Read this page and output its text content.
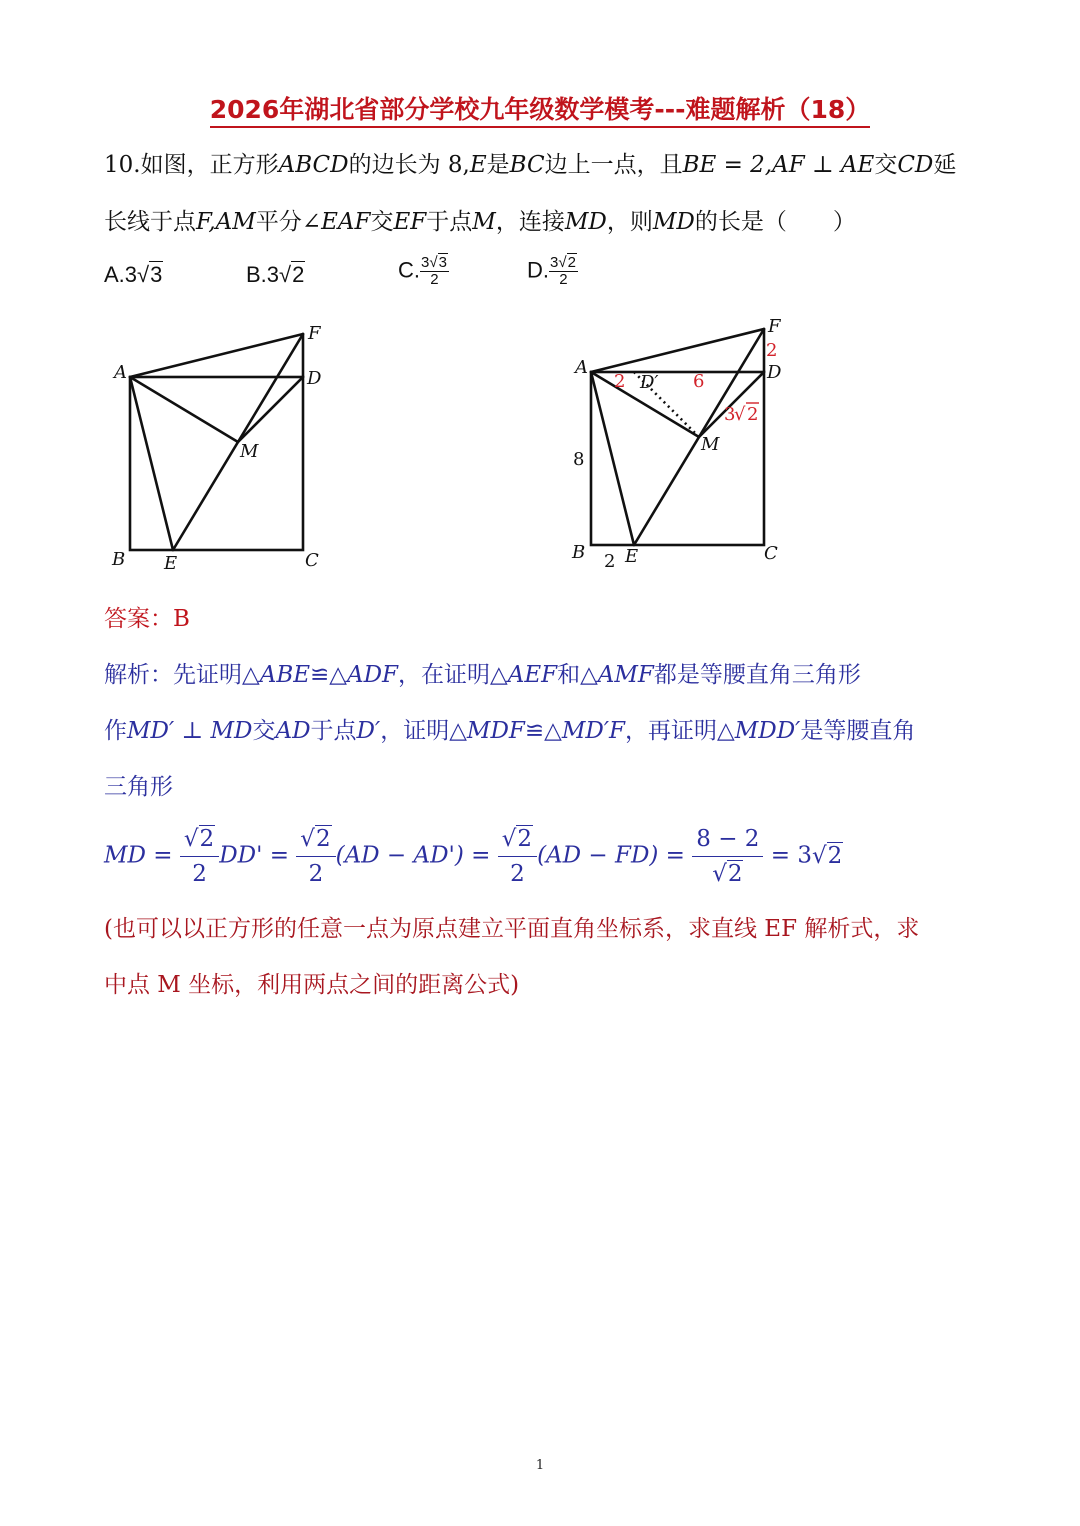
2026年湖北省部分学校九年级数学模考---难题解析（18）
10.如图，正方形ABCD的边长为 8,E是BC边上一点，且BE = 2,AF ⊥ AE交CD延
长线于点F,AM平分∠EAF交EF于点M，连接MD，则MD的长是（　　）
A.3√3	B.3√2	C. $\frac{3√3}{2}$	D. $\frac{3√2}{2}$
A
B	C
D
E
F
M
A
B	C
D
E
F
M
D′
8
2
2	6
2
3
√ 2
答案：B
解析：先证明△ABE≌△ADF，在证明△AEF和△AMF都是等腰直角三角形
作MD′ ⊥ MD交AD于点D′，证明△MDF≌△MD′F，再证明△MDD′是等腰直角
三角形
MD = $\frac{√2}{2} DD' = \frac{√2}{2} (AD - AD') = \frac{√2}{2} (AD - FD) = \frac{8 - 2}{√2} = 3√2$
(也可以以正方形的任意一点为原点建立平面直角坐标系，求直线 EF 解析式，求
中点 M 坐标，利用两点之间的距离公式)
1
